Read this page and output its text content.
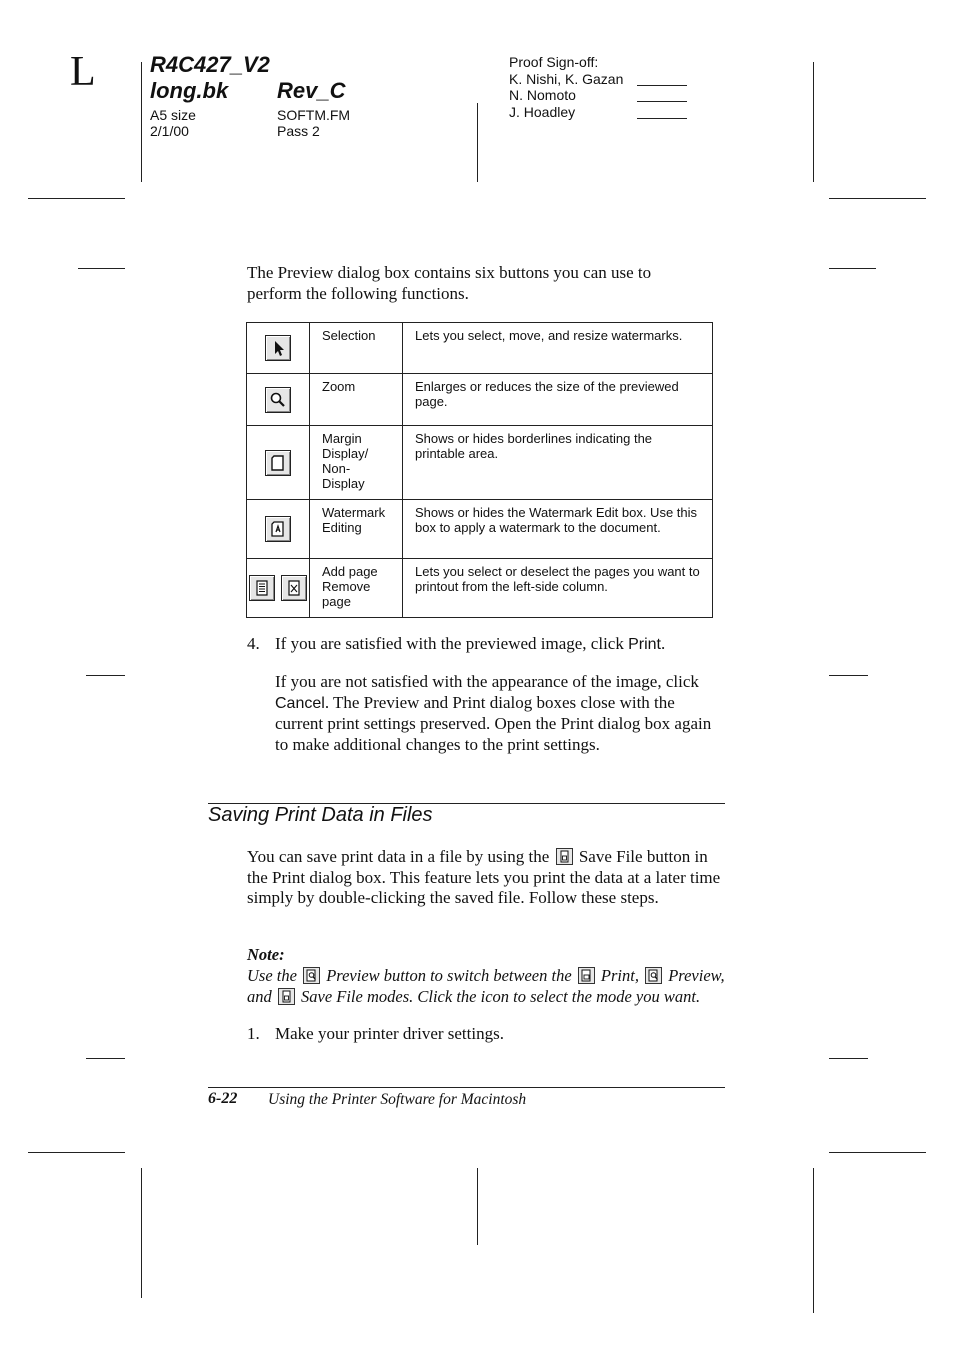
L R4C427_V2
long.bk Rev_C
A5 size
2/1/00
SOFTM.FM
Pass 2
Proof Sign-off:
K. Nishi, K. Gazan
N. Nomoto
J. Hoadley
The Preview dialog box contains six buttons you can use to perform the following functions.
	Selection	Lets you select, move, and resize watermarks.

	Zoom	Enlarges or reduces the size of the previewed page.

	Margin Display/ Non-Display	Shows or hides borderlines indicating the printable area.

	Watermark Editing	Shows or hides the Watermark Edit box. Use this box to apply a watermark to the document.

	Add page Remove page	Lets you select or deselect the pages you want to printout from the left-side column.
4. If you are satisfied with the previewed image, click Print.
If you are not satisfied with the appearance of the image, click Cancel. The Preview and Print dialog boxes close with the current print settings preserved. Open the Print dialog box again to make additional changes to the print settings.
Saving Print Data in Files
You can save print data in a file by using the
Save File button in the Print dialog box. This feature lets you print the data at a later time simply by double-clicking the saved file. Follow these steps.
Note:
Use the
Preview button to switch between the
Print,
Preview,
and
Save File modes. Click the icon to select the mode you want.
1. Make your printer driver settings.
6-22 Using the Printer Software for Macintosh
